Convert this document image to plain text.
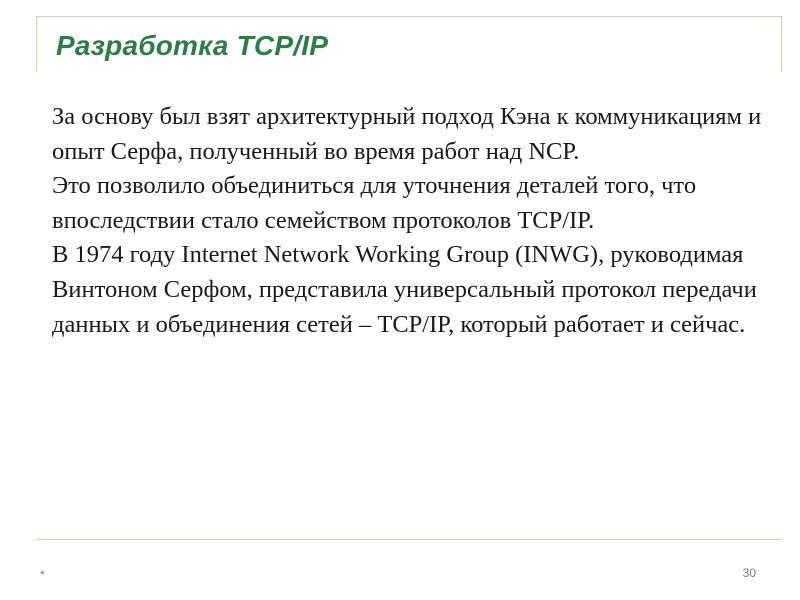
Разработка TCP/IP

За основу был взят архитектурный подход Кэна к коммуникациям и опыт Серфа, полученный во время работ над NCP.

Это позволило объединиться для уточнения деталей того, что впоследствии стало семейством протоколов TCP/IP.

В 1974 году Internet Network Working Group (INWG), руководимая Винтоном Серфом, представила универсальный протокол передачи данных и объединения сетей – TCP/IP, который работает и сейчас.

*	30
